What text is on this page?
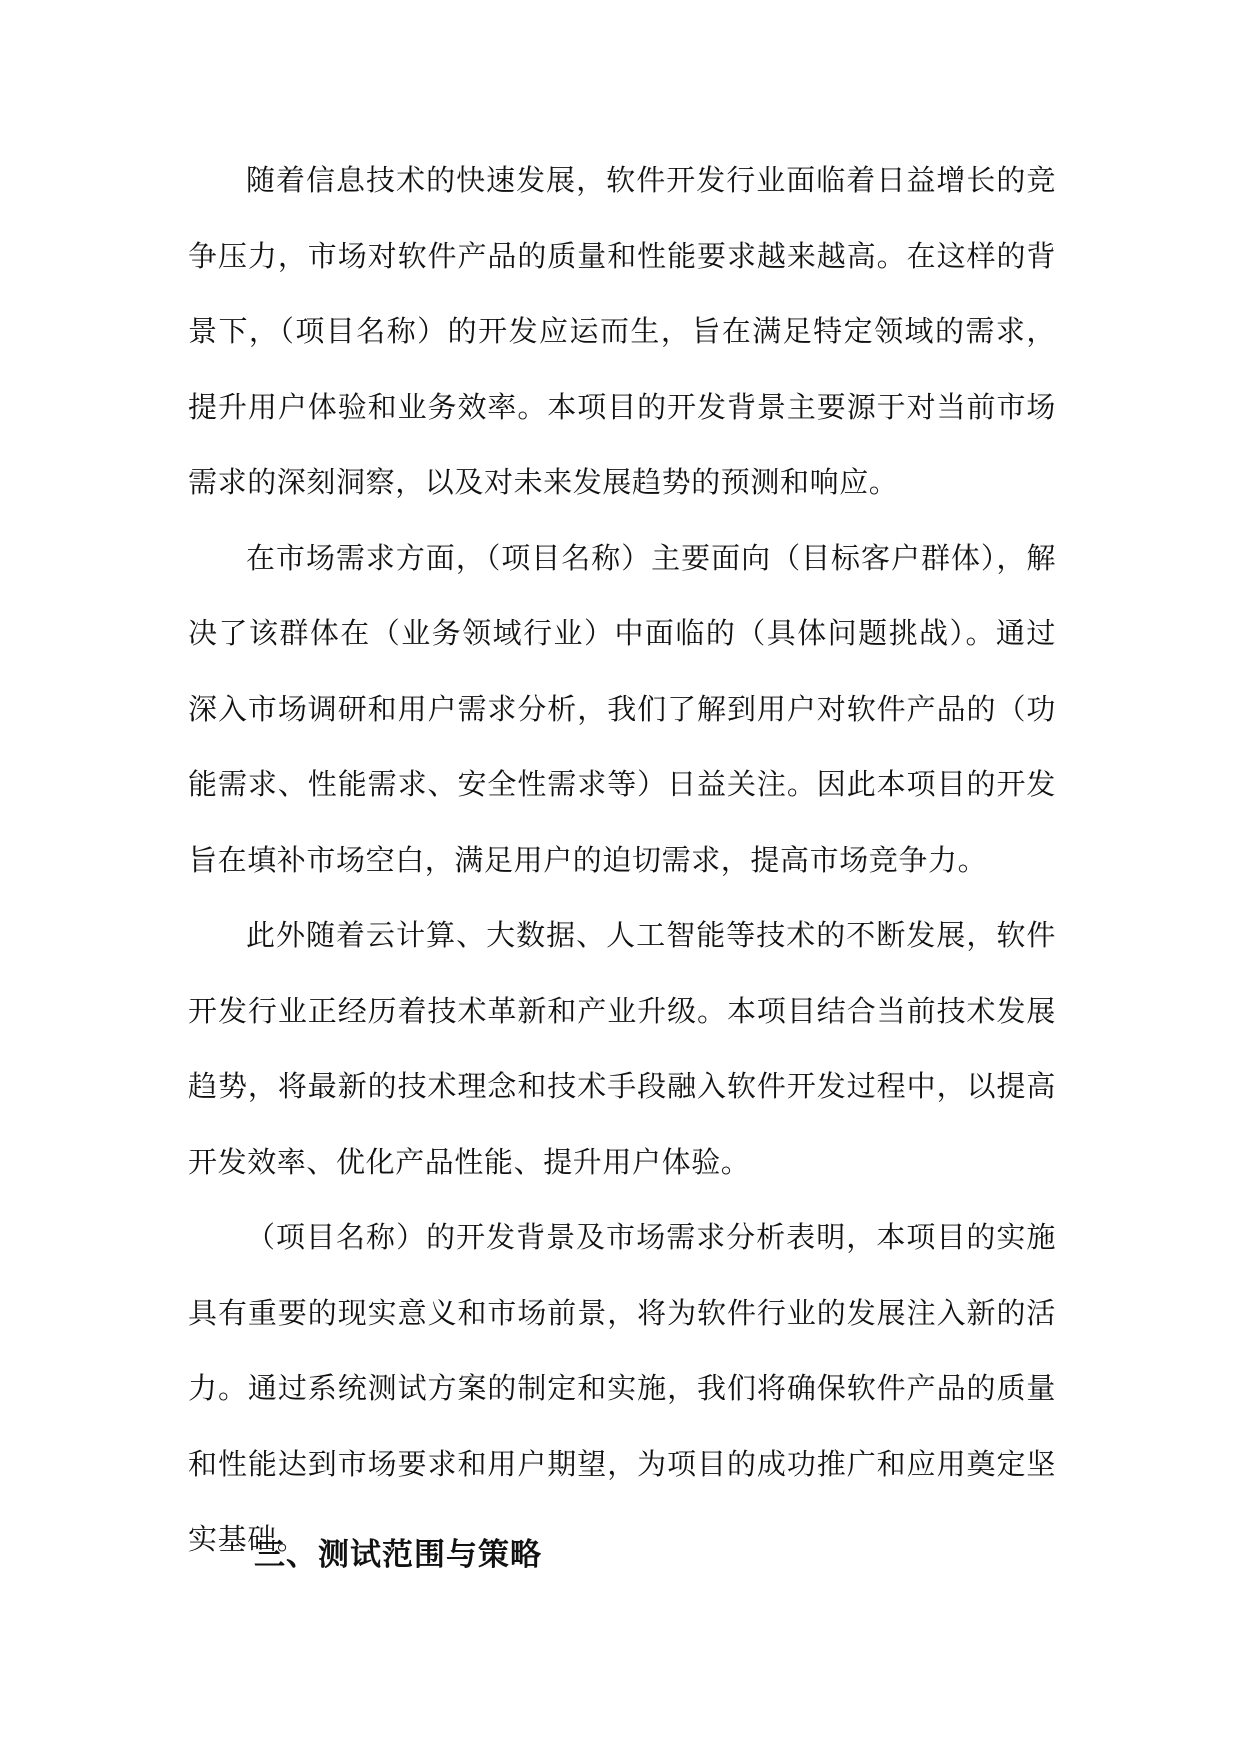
随着信息技术的快速发展，软件开发行业面临着日益增长的竞争压力，市场对软件产品的质量和性能要求越来越高。在这样的背景下，（项目名称）的开发应运而生，旨在满足特定领域的需求，提升用户体验和业务效率。本项目的开发背景主要源于对当前市场需求的深刻洞察，以及对未来发展趋势的预测和响应。

在市场需求方面，（项目名称）主要面向（目标客户群体），解决了该群体在（业务领域行业）中面临的（具体问题挑战）。通过深入市场调研和用户需求分析，我们了解到用户对软件产品的（功能需求、性能需求、安全性需求等）日益关注。因此本项目的开发旨在填补市场空白，满足用户的迫切需求，提高市场竞争力。

此外随着云计算、大数据、人工智能等技术的不断发展，软件开发行业正经历着技术革新和产业升级。本项目结合当前技术发展趋势，将最新的技术理念和技术手段融入软件开发过程中，以提高开发效率、优化产品性能、提升用户体验。

（项目名称）的开发背景及市场需求分析表明，本项目的实施具有重要的现实意义和市场前景，将为软件行业的发展注入新的活力。通过系统测试方案的制定和实施，我们将确保软件产品的质量和性能达到市场要求和用户期望，为项目的成功推广和应用奠定坚实基础。

三、测试范围与策略
